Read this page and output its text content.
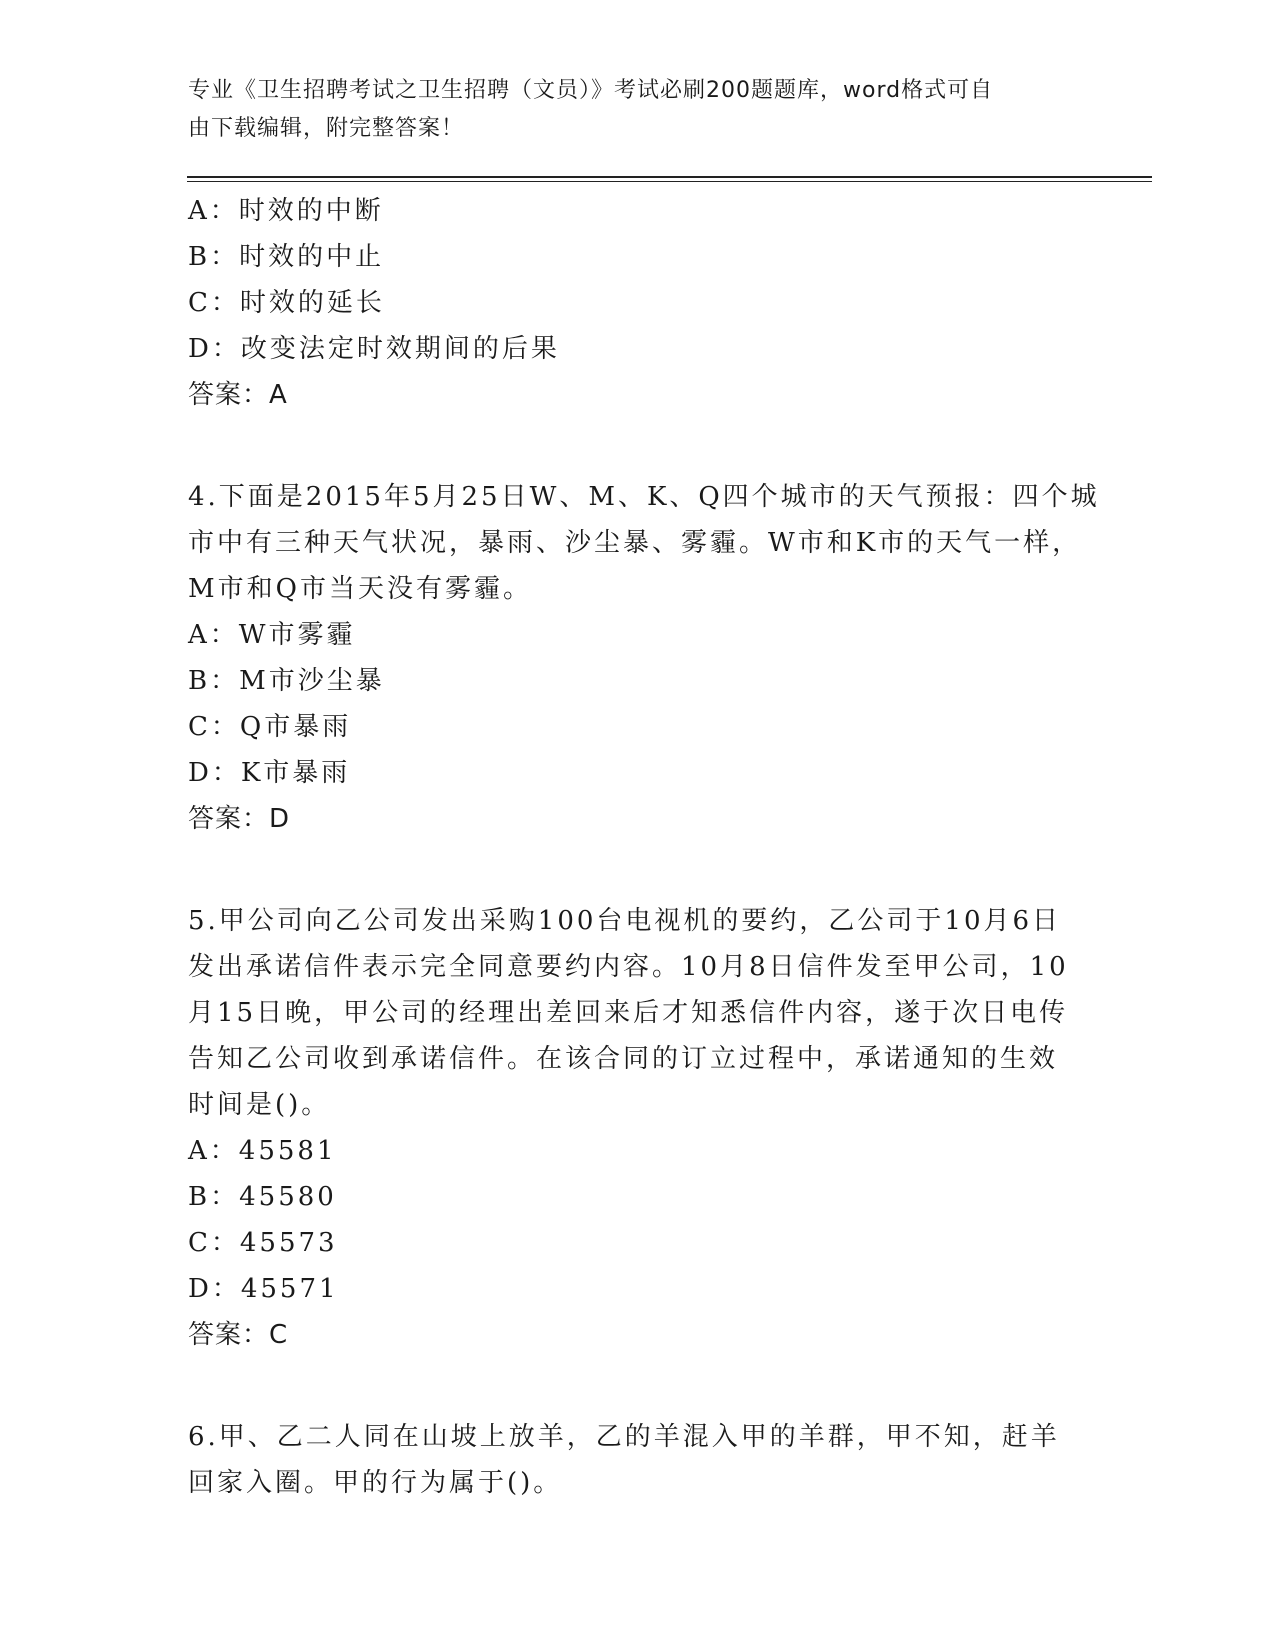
专业《卫生招聘考试之卫生招聘（文员）》考试必刷200题题库，word格式可自
由下载编辑，附完整答案！
A：时效的中断
B：时效的中止
C：时效的延长
D：改变法定时效期间的后果
答案：A
4.下面是2015年5月25日W、M、K、Q四个城市的天气预报：四个城
市中有三种天气状况，暴雨、沙尘暴、雾霾。W市和K市的天气一样，
M市和Q市当天没有雾霾。
A：W市雾霾
B：M市沙尘暴
C：Q市暴雨
D：K市暴雨
答案：D
5.甲公司向乙公司发出采购100台电视机的要约，乙公司于10月6日
发出承诺信件表示完全同意要约内容。10月8日信件发至甲公司，10
月15日晚，甲公司的经理出差回来后才知悉信件内容，遂于次日电传
告知乙公司收到承诺信件。在该合同的订立过程中，承诺通知的生效
时间是()。
A：45581
B：45580
C：45573
D：45571
答案：C
6.甲、乙二人同在山坡上放羊，乙的羊混入甲的羊群，甲不知，赶羊
回家入圈。甲的行为属于()。
